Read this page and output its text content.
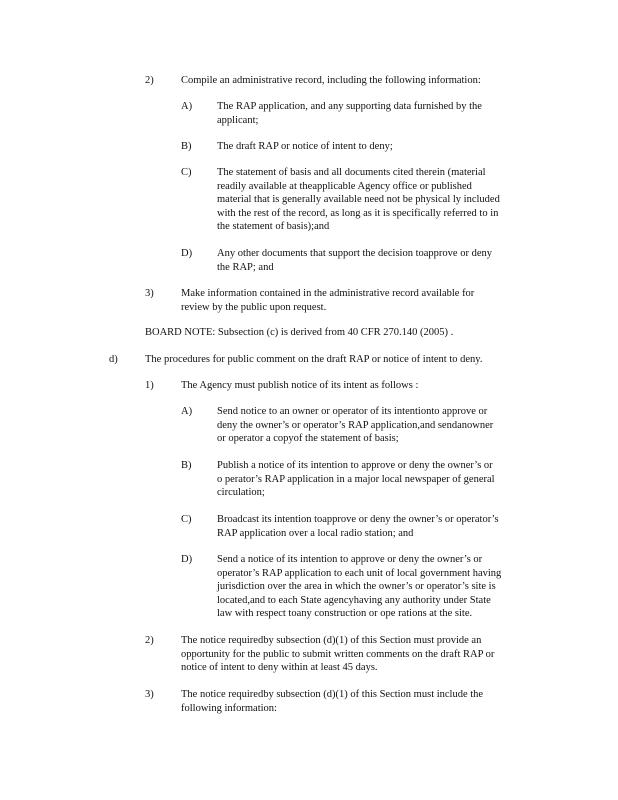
2)	Compile an administrative record, including the following information:
A) The RAP application, and any supporting data furnished by the
applicant;
B) The draft RAP or notice of intent to deny;
C) The statement of basis and all documents cited therein (material
readily available at theapplicable Agency office or published
material that is generally available need not be physical ly included
with the rest of the record, as long as it is specifically referred to in
the statement of basis);and
D) Any other documents that support the decision toapprove or deny
the RAP; and
3)	Make information contained in the administrative record available for
review by the public upon request.
BOARD NOTE: Subsection (c) is derived from 40 CFR 270.140 (2005) .
d)	The procedures for public comment on the draft RAP or notice of intent to deny.
1)	The Agency must publish notice of its intent as follows :
A) Send notice to an owner or operator of its intentionto approve or
deny the owner’s or operator’s RAP application,and sendanowner
or operator a copyof the statement of basis;
B) Publish a notice of its intention to approve or deny the owner’s or
o perator’s RAP application in a major local newspaper of general
circulation;
C) Broadcast its intention toapprove or deny the owner’s or operator’s
RAP application over a local radio station; and
D) Send a notice of its intention to approve or deny the owner’s or
operator’s RAP application to each unit of local government having
jurisdiction over the area in which the owner’s or operator’s site is
located,and to each State agencyhaving any authority under State
law with respect toany construction or ope rations at the site.
2)	The notice requiredby subsection (d)(1) of this Section must provide an
opportunity for the public to submit written comments on the draft RAP or
notice of intent to deny within at least 45 days.
3)	The notice requiredby subsection (d)(1) of this Section must include the
following information:
